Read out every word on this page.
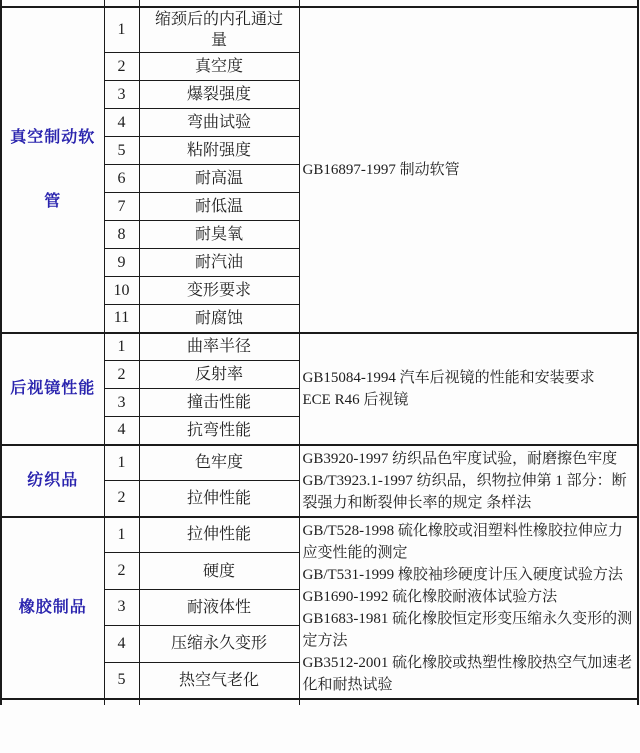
真空制动软管	1	缩颈后的内孔通过量	GB16897-1997 制动软管

	2	真空度	
	3	爆裂强度	
	4	弯曲试验	
	5	粘附强度	
	6	耐高温	
	7	耐低温	
	8	耐臭氧	
	9	耐汽油	
	10	变形要求	
	11	耐腐蚀	
后视镜性能	1	曲率半径	GB15084-1994 汽车后视镜的性能和安装要求
ECE R46 后视镜

	2	反射率	
	3	撞击性能	
	4	抗弯性能	
纺织品	1	色牢度	GB3920-1997 纺织品色牢度试验，耐磨擦色牢度
GB/T3923.1-1997 纺织品，织物拉伸第 1 部分：断裂强力和断裂伸长率的规定 条样法

	2	拉伸性能	
橡胶制品	1	拉伸性能	GB/T528-1998 硫化橡胶或泪塑料性橡胶拉伸应力应变性能的测定
GB/T531-1999 橡胶袖珍硬度计压入硬度试验方法
GB1690-1992 硫化橡胶耐液体试验方法
GB1683-1981 硫化橡胶恒定形变压缩永久变形的测定方法
GB3512-2001 硫化橡胶或热塑性橡胶热空气加速老化和耐热试验

	2	硬度	
	3	耐液体性	
	4	压缩永久变形	
	5	热空气老化	
